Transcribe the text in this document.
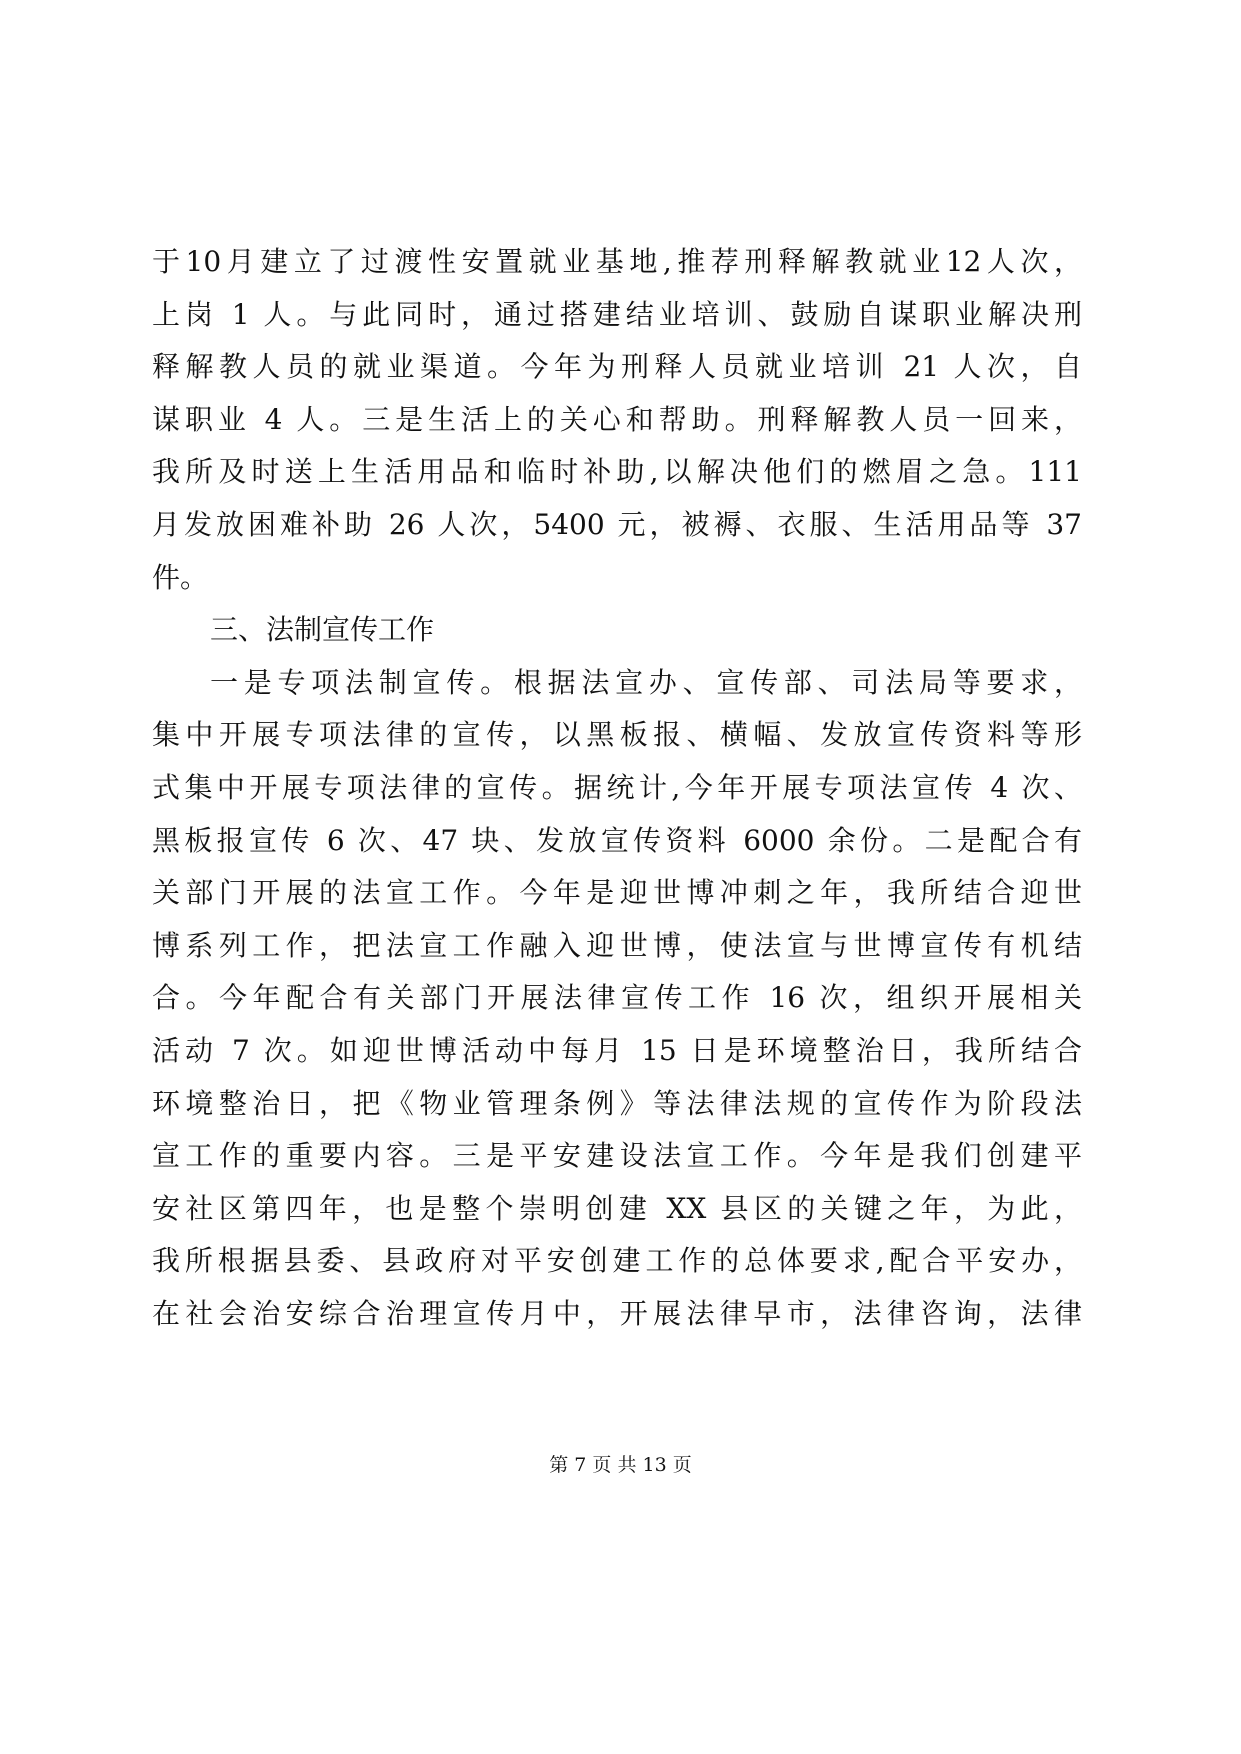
于10月建立了过渡性安置就业基地,推荐刑释解教就业12人次，
上岗 1 人。与此同时，通过搭建结业培训、鼓励自谋职业解决刑
释解教人员的就业渠道。今年为刑释人员就业培训 21 人次，自
谋职业 4 人。三是生活上的关心和帮助。刑释解教人员一回来，
我所及时送上生活用品和临时补助,以解决他们的燃眉之急。111
月发放困难补助 26 人次，5400 元，被褥、衣服、生活用品等 37
件。
三、法制宣传工作
一是专项法制宣传。根据法宣办、宣传部、司法局等要求，
集中开展专项法律的宣传，以黑板报、横幅、发放宣传资料等形
式集中开展专项法律的宣传。据统计,今年开展专项法宣传 4 次、
黑板报宣传 6 次、47 块、发放宣传资料 6000 余份。二是配合有
关部门开展的法宣工作。今年是迎世博冲刺之年，我所结合迎世
博系列工作，把法宣工作融入迎世博，使法宣与世博宣传有机结
合。今年配合有关部门开展法律宣传工作 16 次，组织开展相关
活动 7 次。如迎世博活动中每月 15 日是环境整治日，我所结合
环境整治日，把《物业管理条例》等法律法规的宣传作为阶段法
宣工作的重要内容。三是平安建设法宣工作。今年是我们创建平
安社区第四年，也是整个崇明创建 XX 县区的关键之年，为此，
我所根据县委、县政府对平安创建工作的总体要求,配合平安办，
在社会治安综合治理宣传月中，开展法律早市，法律咨询，法律
第 7 页 共 13 页
